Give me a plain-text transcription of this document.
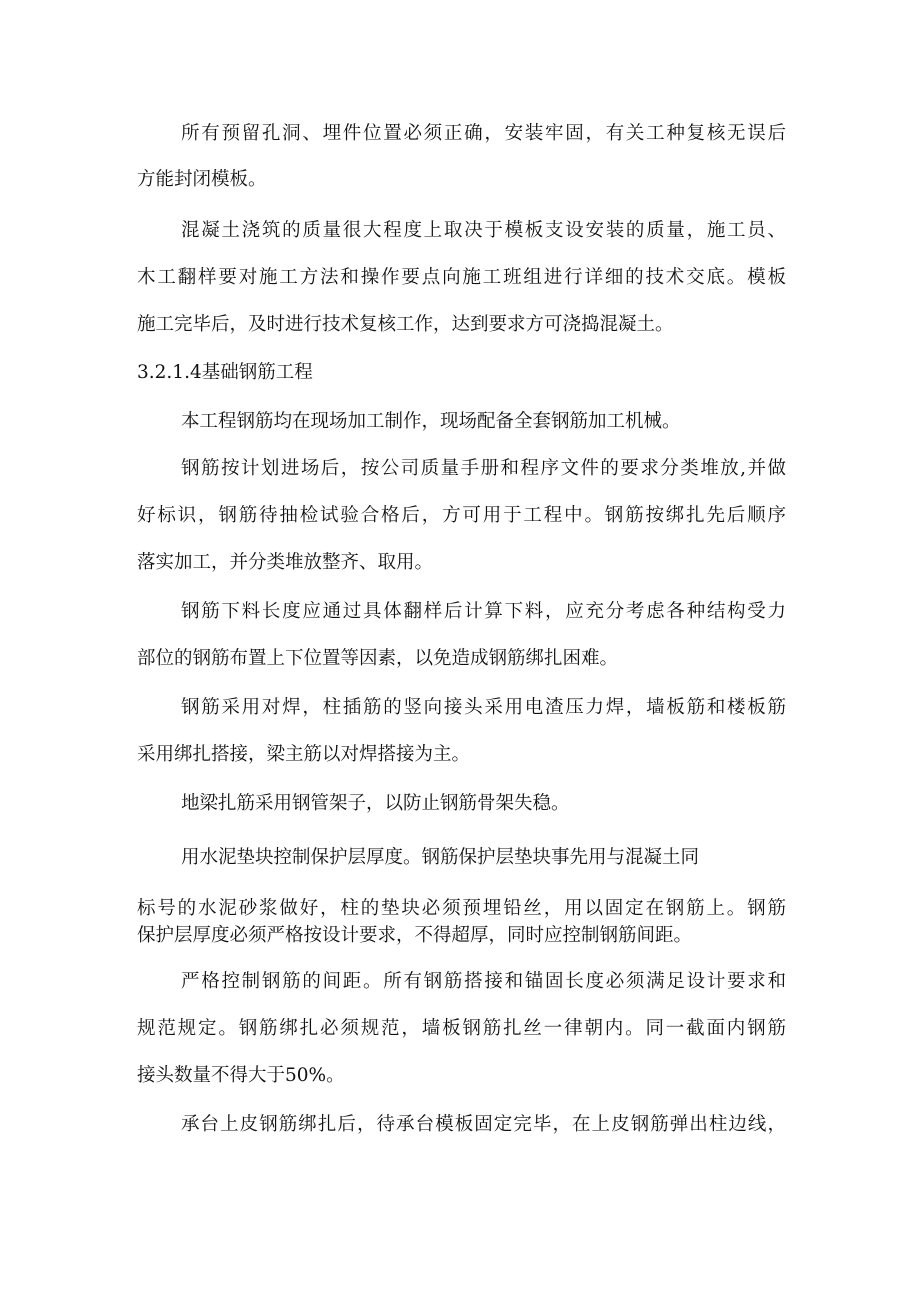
所有预留孔洞、埋件位置必须正确，安装牢固，有关工种复核无误后

方能封闭模板。

混凝土浇筑的质量很大程度上取决于模板支设安装的质量，施工员、

木工翻样要对施工方法和操作要点向施工班组进行详细的技术交底。模板

施工完毕后，及时进行技术复核工作，达到要求方可浇捣混凝土。

3.2.1.4基础钢筋工程

本工程钢筋均在现场加工制作，现场配备全套钢筋加工机械。

钢筋按计划进场后，按公司质量手册和程序文件的要求分类堆放,并做

好标识，钢筋待抽检试验合格后，方可用于工程中。钢筋按绑扎先后顺序

落实加工，并分类堆放整齐、取用。

钢筋下料长度应通过具体翻样后计算下料，应充分考虑各种结构受力

部位的钢筋布置上下位置等因素，以免造成钢筋绑扎困难。

钢筋采用对焊，柱插筋的竖向接头采用电渣压力焊，墙板筋和楼板筋

采用绑扎搭接，梁主筋以对焊搭接为主。

地梁扎筋采用钢管架子，以防止钢筋骨架失稳。

用水泥垫块控制保护层厚度。钢筋保护层垫块事先用与混凝土同

标号的水泥砂浆做好，柱的垫块必须预埋铅丝，用以固定在钢筋上。钢筋

保护层厚度必须严格按设计要求，不得超厚，同时应控制钢筋间距。

严格控制钢筋的间距。所有钢筋搭接和锚固长度必须满足设计要求和

规范规定。钢筋绑扎必须规范，墙板钢筋扎丝一律朝内。同一截面内钢筋

接头数量不得大于50%。

承台上皮钢筋绑扎后，待承台模板固定完毕，在上皮钢筋弹出柱边线，
